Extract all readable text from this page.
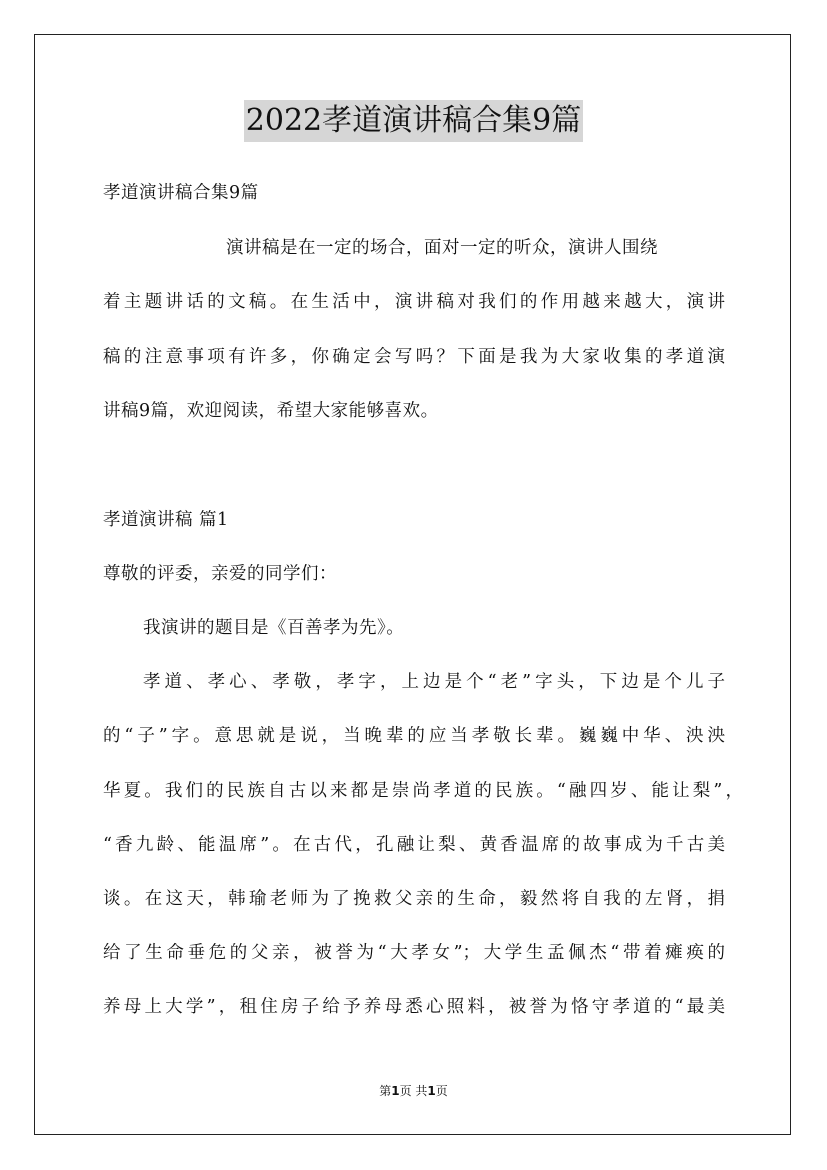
2022孝道演讲稿合集9篇
孝道演讲稿合集9篇
演讲稿是在一定的场合，面对一定的听众，演讲人围绕
着主题讲话的文稿。在生活中，演讲稿对我们的作用越来越大，演讲
稿的注意事项有许多，你确定会写吗？下面是我为大家收集的孝道演
讲稿9篇，欢迎阅读，希望大家能够喜欢。
孝道演讲稿 篇1
尊敬的评委，亲爱的同学们：
我演讲的题目是《百善孝为先》。
孝道、孝心、孝敬，孝字，上边是个“老”字头，下边是个儿子
的“子”字。意思就是说，当晚辈的应当孝敬长辈。巍巍中华、泱泱
华夏。我们的民族自古以来都是崇尚孝道的民族。“融四岁、能让梨”，
“香九龄、能温席”。在古代，孔融让梨、黄香温席的故事成为千古美
谈。在这天，韩瑜老师为了挽救父亲的生命，毅然将自我的左肾，捐
给了生命垂危的父亲，被誉为“大孝女”；大学生孟佩杰“带着瘫痪的
养母上大学”，租住房子给予养母悉心照料，被誉为恪守孝道的“最美
第1页 共1页
